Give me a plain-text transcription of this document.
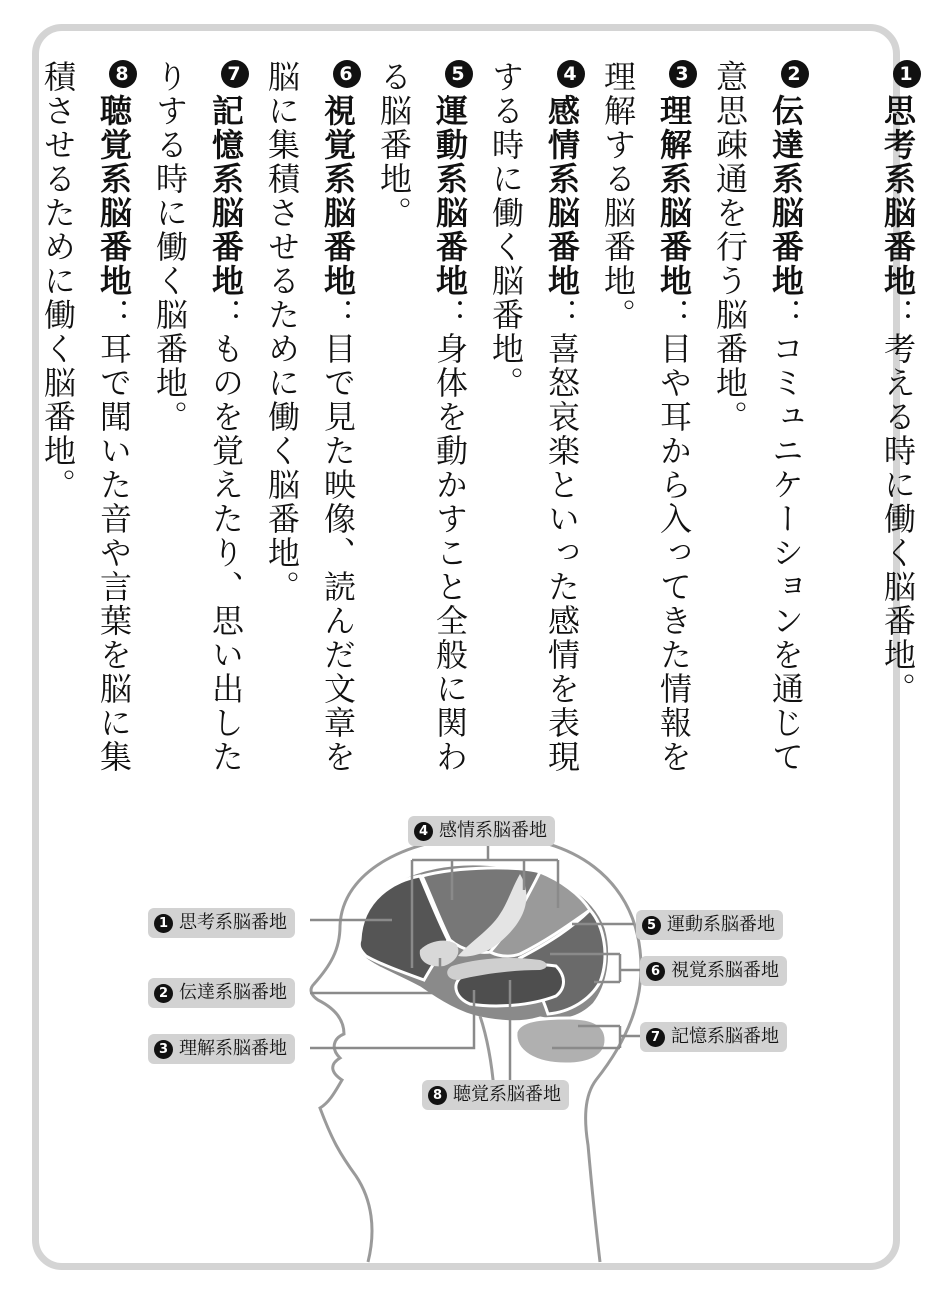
1思考系脳番地：考える時に働く脳番地。
2伝達系脳番地：コミュニケーションを通じて意思疎通を行う脳番地。
3理解系脳番地：目や耳から入ってきた情報を理解する脳番地。
4感情系脳番地：喜怒哀楽といった感情を表現する時に働く脳番地。
5運動系脳番地：身体を動かすこと全般に関わる脳番地。
6視覚系脳番地：目で見た映像、読んだ文章を脳に集積させるために働く脳番地。
7記憶系脳番地：ものを覚えたり、思い出したりする時に働く脳番地。
8聴覚系脳番地：耳で聞いた音や言葉を脳に集積させるために働く脳番地。
1 思考系脳番地
2 伝達系脳番地
3 理解系脳番地
4 感情系脳番地
5 運動系脳番地
6 視覚系脳番地
7 記憶系脳番地
8 聴覚系脳番地
